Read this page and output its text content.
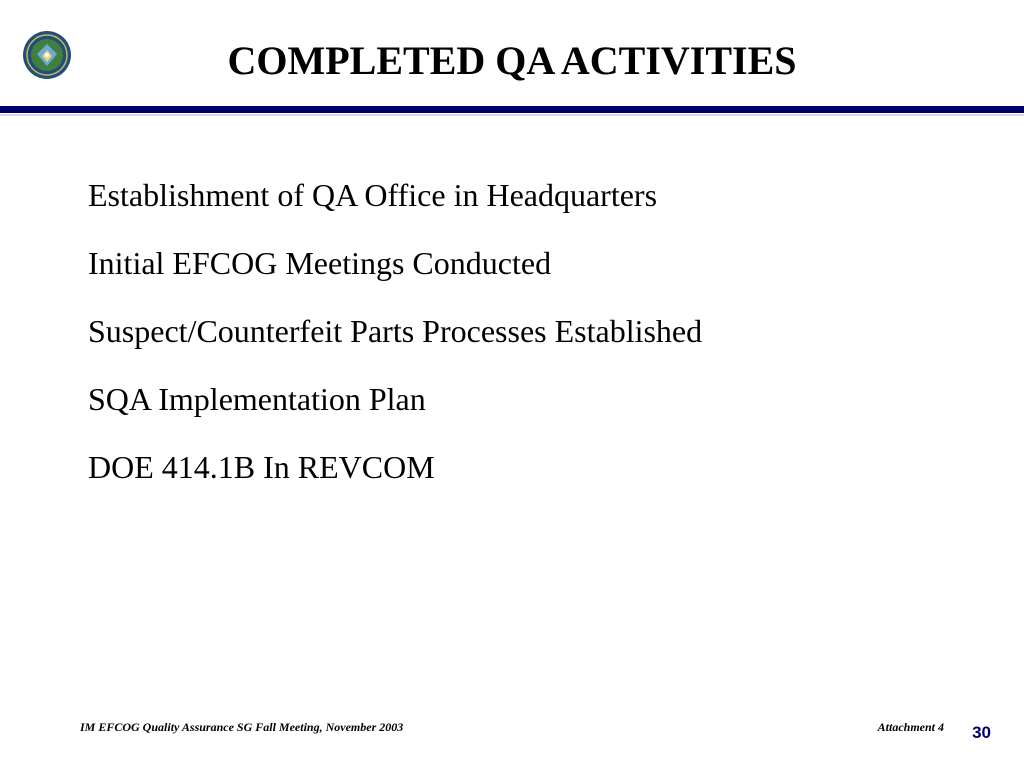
COMPLETED QA ACTIVITIES
Establishment of QA Office in Headquarters
Initial EFCOG Meetings Conducted
Suspect/Counterfeit Parts Processes Established
SQA Implementation Plan
DOE 414.1B In REVCOM
IM EFCOG Quality Assurance SG Fall Meeting, November 2003	Attachment 4 30
